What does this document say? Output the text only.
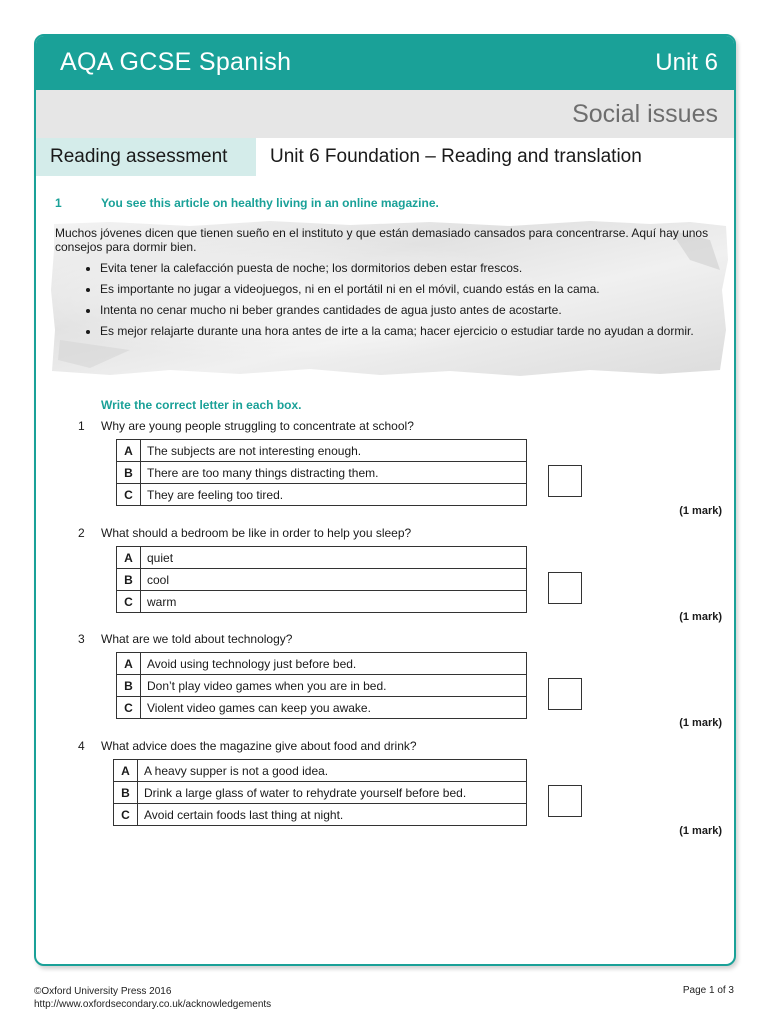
AQA GCSE Spanish	Unit 6
Social issues
Reading assessment	Unit 6 Foundation – Reading and translation
1	You see this article on healthy living in an online magazine.
Muchos jóvenes dicen que tienen sueño en el instituto y que están demasiado cansados para concentrarse. Aquí hay unos consejos para dormir bien.
• Evita tener la calefacción puesta de noche; los dormitorios deben estar frescos.
• Es importante no jugar a videojuegos, ni en el portátil ni en el móvil, cuando estás en la cama.
• Intenta no cenar mucho ni beber grandes cantidades de agua justo antes de acostarte.
• Es mejor relajarte durante una hora antes de irte a la cama; hacer ejercicio o estudiar tarde no ayudan a dormir.
Write the correct letter in each box.
1 Why are young people struggling to concentrate at school?
A	The subjects are not interesting enough.
B	There are too many things distracting them.
C	They are feeling too tired.
(1 mark)
2 What should a bedroom be like in order to help you sleep?
A	quiet
B	cool
C	warm
(1 mark)
3 What are we told about technology?
A	Avoid using technology just before bed.
B	Don’t play video games when you are in bed.
C	Violent video games can keep you awake.
(1 mark)
4 What advice does the magazine give about food and drink?
A	A heavy supper is not a good idea.
B	Drink a large glass of water to rehydrate yourself before bed.
C	Avoid certain foods last thing at night.
(1 mark)
©Oxford University Press 2016
http://www.oxfordsecondary.co.uk/acknowledgements
Page 1 of 3
